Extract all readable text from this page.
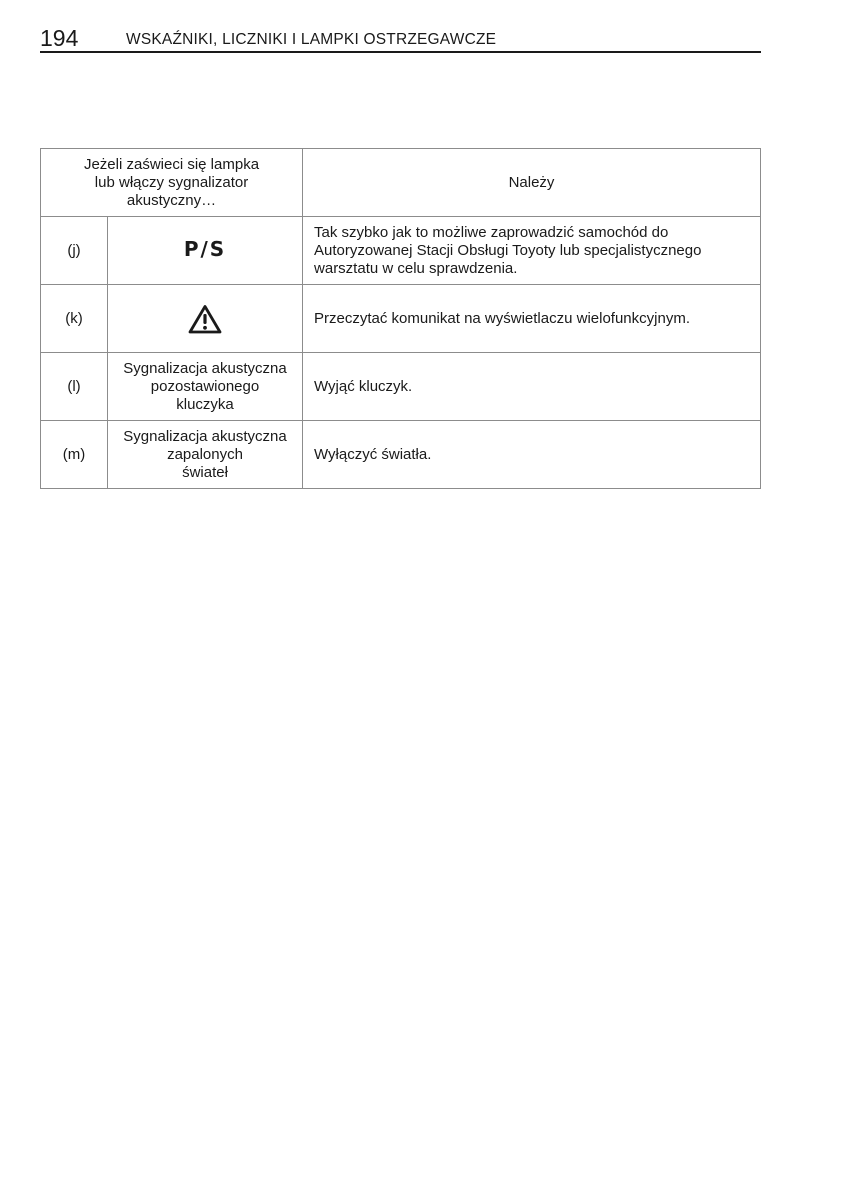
194	WSKAŹNIKI, LICZNIKI I LAMPKI OSTRZEGAWCZE
Jeżeli zaświeci się lampka
lub włączy sygnalizator
akustyczny…		Należy
(j)	P/S	Tak szybko jak to możliwe zaprowadzić samochód do
Autoryzowanej Stacji Obsługi Toyoty lub specjalistycznego
warsztatu w celu sprawdzenia.
(k)		Przeczytać komunikat na wyświetlaczu wielofunkcyjnym.
(l)	Sygnalizacja akustyczna
pozostawionego
kluczyka	Wyjąć kluczyk.
(m)	Sygnalizacja akustyczna
zapalonych
świateł	Wyłączyć światła.
